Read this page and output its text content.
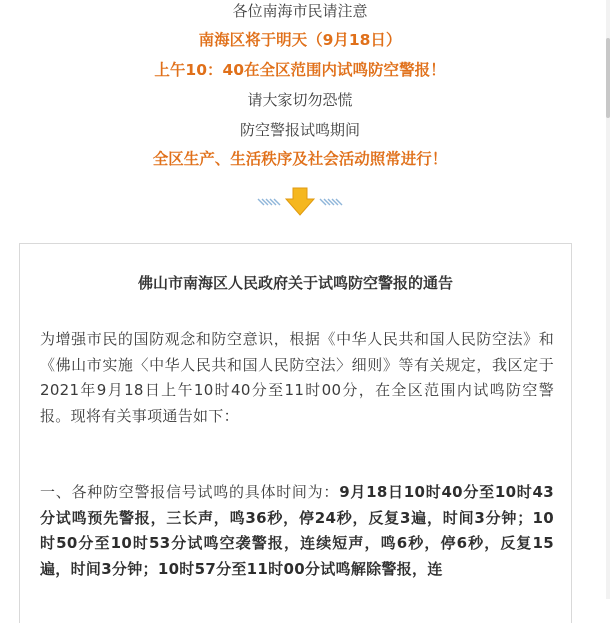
各位南海市民请注意
南海区将于明天（9月18日）
上午10：40在全区范围内试鸣防空警报！
请大家切勿恐慌
防空警报试鸣期间
全区生产、生活秩序及社会活动照常进行！
佛山市南海区人民政府关于试鸣防空警报的通告
为增强市民的国防观念和防空意识，根据《中华人民共和国人民防空法》和《佛山市实施〈中华人民共和国人民防空法〉细则》等有关规定，我区定于2021年9月18日上午10时40分至11时00分，在全区范围内试鸣防空警报。现将有关事项通告如下：
一、各种防空警报信号试鸣的具体时间为：9月18日10时40分至10时43分试鸣预先警报，三长声，鸣36秒，停24秒，反复3遍，时间3分钟；10时50分至10时53分试鸣空袭警报，连续短声，鸣6秒，停6秒，反复15遍，时间3分钟；10时57分至11时00分试鸣解除警报，连
